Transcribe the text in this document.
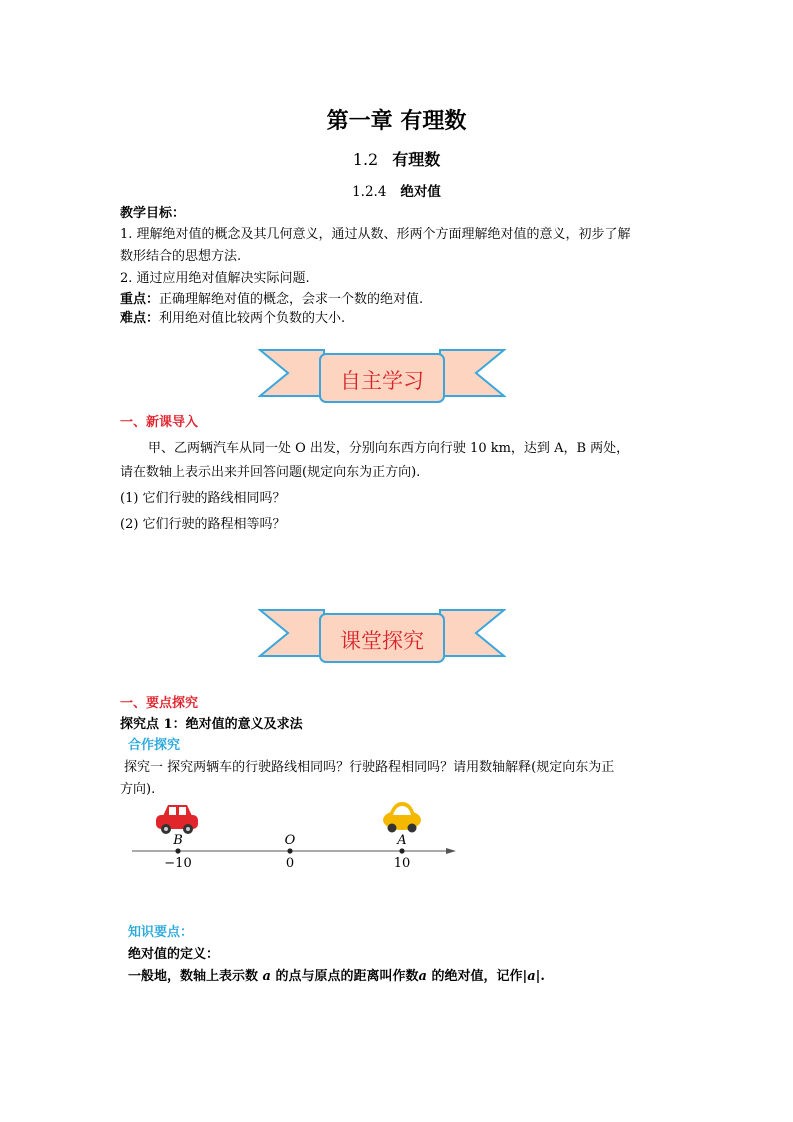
第一章 有理数
1.2 有理数
1.2.4 绝对值
教学目标：
1. 理解绝对值的概念及其几何意义，通过从数、形两个方面理解绝对值的意义，初步了解
数形结合的思想方法.
2. 通过应用绝对值解决实际问题.
重点：正确理解绝对值的概念，会求一个数的绝对值.
难点：利用绝对值比较两个负数的大小.
自主学习
一、新课导入
甲、乙两辆汽车从同一处 O 出发，分别向东西方向行驶 10 km，达到 A，B 两处，
请在数轴上表示出来并回答问题(规定向东为正方向).
(1) 它们行驶的路线相同吗？
(2) 它们行驶的路程相等吗？
课堂探究
一、要点探究
探究点 1：绝对值的意义及求法
合作探究
探究一 探究两辆车的行驶路线相同吗？行驶路程相同吗？请用数轴解释(规定向东为正
方向).
B
−10
O
0
A
10
知识要点：
绝对值的定义：
一般地，数轴上表示数 a 的点与原点的距离叫作数a 的绝对值，记作|a|.
